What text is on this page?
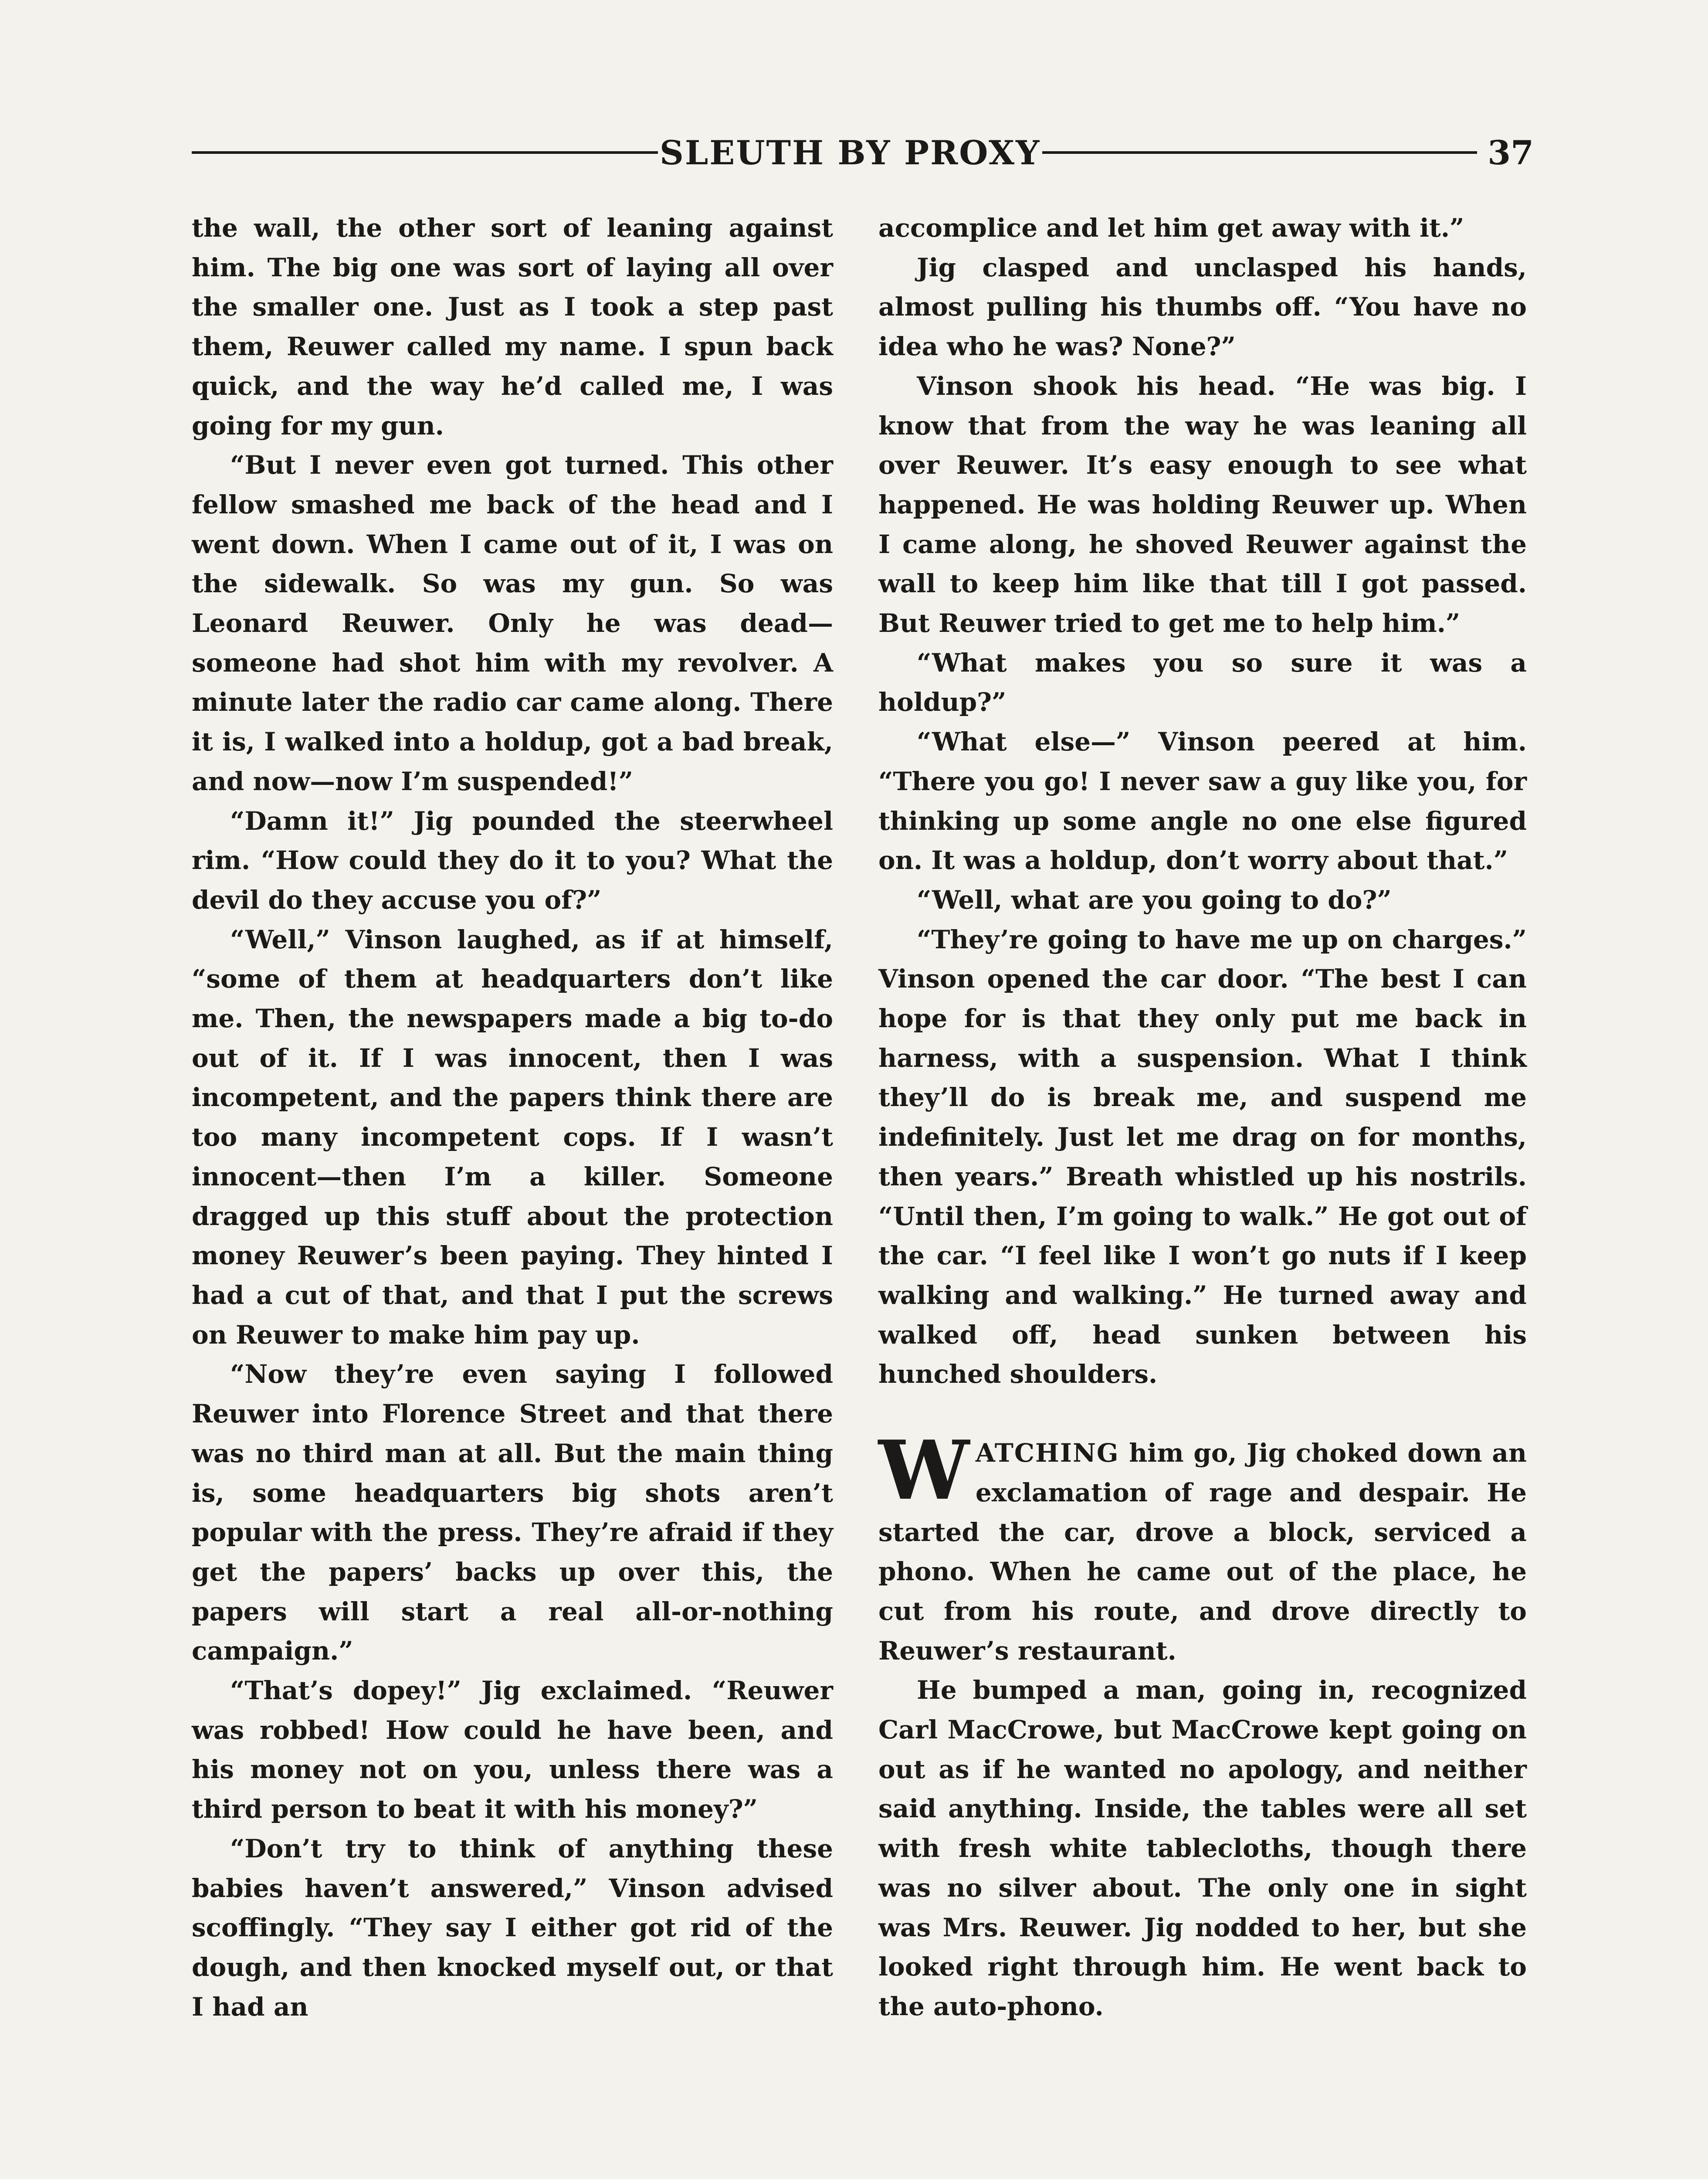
SLEUTH BY PROXY	37

the wall, the other sort of leaning against him. The big one was sort of laying all over the smaller one. Just as I took a step past them, Reuwer called my name. I spun back quick, and the way he’d called me, I was going for my gun.

“But I never even got turned. This other fellow smashed me back of the head and I went down. When I came out of it, I was on the sidewalk. So was my gun. So was Leonard Reuwer. Only he was dead—someone had shot him with my revolver. A minute later the radio car came along. There it is, I walked into a holdup, got a bad break, and now—now I’m suspended!”

“Damn it!” Jig pounded the steerwheel rim. “How could they do it to you? What the devil do they accuse you of?”

“Well,” Vinson laughed, as if at himself, “some of them at headquarters don’t like me. Then, the newspapers made a big to-do out of it. If I was innocent, then I was incompetent, and the papers think there are too many incompetent cops. If I wasn’t innocent—then I’m a killer. Someone dragged up this stuff about the protection money Reuwer’s been paying. They hinted I had a cut of that, and that I put the screws on Reuwer to make him pay up.

“Now they’re even saying I followed Reuwer into Florence Street and that there was no third man at all. But the main thing is, some headquarters big shots aren’t popular with the press. They’re afraid if they get the papers’ backs up over this, the papers will start a real all-or-nothing campaign.”

“That’s dopey!” Jig exclaimed. “Reuwer was robbed! How could he have been, and his money not on you, unless there was a third person to beat it with his money?”

“Don’t try to think of anything these babies haven’t answered,” Vinson advised scoffingly. “They say I either got rid of the dough, and then knocked myself out, or that I had an

accomplice and let him get away with it.”

Jig clasped and unclasped his hands, almost pulling his thumbs off. “You have no idea who he was? None?”

Vinson shook his head. “He was big. I know that from the way he was leaning all over Reuwer. It’s easy enough to see what happened. He was holding Reuwer up. When I came along, he shoved Reuwer against the wall to keep him like that till I got passed. But Reuwer tried to get me to help him.”

“What makes you so sure it was a holdup?”

“What else—” Vinson peered at him. “There you go! I never saw a guy like you, for thinking up some angle no one else figured on. It was a holdup, don’t worry about that.”

“Well, what are you going to do?”

“They’re going to have me up on charges.” Vinson opened the car door. “The best I can hope for is that they only put me back in harness, with a suspension. What I think they’ll do is break me, and suspend me indefinitely. Just let me drag on for months, then years.” Breath whistled up his nostrils. “Until then, I’m going to walk.” He got out of the car. “I feel like I won’t go nuts if I keep walking and walking.” He turned away and walked off, head sunken between his hunched shoulders.

WATCHING him go, Jig choked down an exclamation of rage and despair. He started the car, drove a block, serviced a phono. When he came out of the place, he cut from his route, and drove directly to Reuwer’s restaurant.

He bumped a man, going in, recognized Carl MacCrowe, but MacCrowe kept going on out as if he wanted no apology, and neither said anything. Inside, the tables were all set with fresh white tablecloths, though there was no silver about. The only one in sight was Mrs. Reuwer. Jig nodded to her, but she looked right through him. He went back to the auto-phono.
